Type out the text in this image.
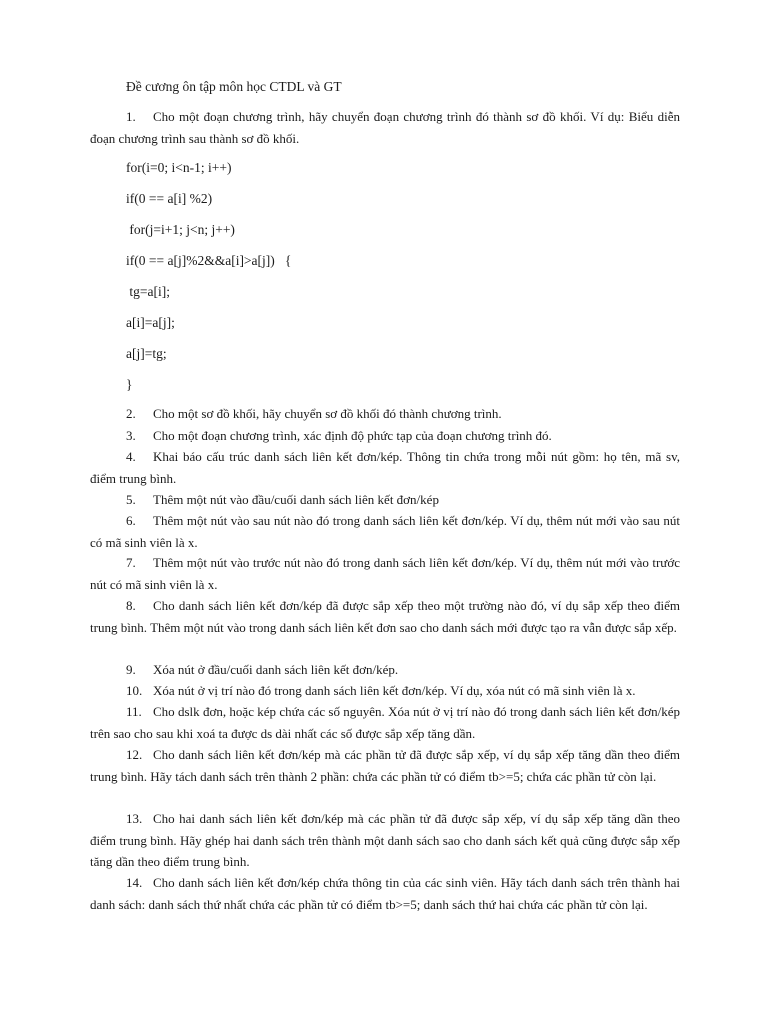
Đề cương ôn tập môn học CTDL và GT
1. Cho một đoạn chương trình, hãy chuyển đoạn chương trình đó thành sơ đồ khối. Ví dụ: Biểu diễn đoạn chương trình sau thành sơ đồ khối.
for(i=0; i<n-1; i++)
if(0 == a[i] %2)
for(j=i+1; j<n; j++)
if(0 == a[j]%2&&a[i]>a[j])   {
tg=a[i];
a[i]=a[j];
a[j]=tg;
}
2. Cho một sơ đồ khối, hãy chuyển sơ đồ khối đó thành chương trình.
3. Cho một đoạn chương trình, xác định độ phức tạp của đoạn chương trình đó.
4. Khai báo cấu trúc danh sách liên kết đơn/kép. Thông tin chứa trong mỗi nút gồm: họ tên, mã sv, điểm trung bình.
5. Thêm một nút vào đầu/cuối danh sách liên kết đơn/kép
6. Thêm một nút vào sau nút nào đó trong danh sách liên kết đơn/kép. Ví dụ, thêm nút mới vào sau nút có mã sinh viên là x.
7. Thêm một nút vào trước nút nào đó trong danh sách liên kết đơn/kép. Ví dụ, thêm nút mới vào trước nút có mã sinh viên là x.
8. Cho danh sách liên kết đơn/kép đã được sắp xếp theo một trường nào đó, ví dụ sắp xếp theo điểm trung bình. Thêm một nút vào trong danh sách liên kết đơn sao cho danh sách mới được tạo ra vẫn được sắp xếp.
9. Xóa nút ở đầu/cuối danh sách liên kết đơn/kép.
10. Xóa nút ở vị trí nào đó trong danh sách liên kết đơn/kép. Ví dụ, xóa nút có mã sinh viên là x.
11. Cho dslk đơn, hoặc kép chứa các số nguyên. Xóa nút ở vị trí nào đó trong danh sách liên kết đơn/kép trên sao cho sau khi xoá ta được ds dài nhất các số được sắp xếp tăng dần.
12. Cho danh sách liên kết đơn/kép mà các phần tử đã được sắp xếp, ví dụ sắp xếp tăng dần theo điểm trung bình. Hãy tách danh sách trên thành 2 phần: chứa các phần tử có điểm tb>=5; chứa các phần tử còn lại.
13. Cho hai danh sách liên kết đơn/kép mà các phần tử đã được sắp xếp, ví dụ sắp xếp tăng dần theo điểm trung bình. Hãy ghép hai danh sách trên thành một danh sách sao cho danh sách kết quả cũng được sắp xếp tăng dần theo điểm trung bình.
14. Cho danh sách liên kết đơn/kép chứa thông tin của các sinh viên. Hãy tách danh sách trên thành hai danh sách: danh sách thứ nhất chứa các phần tử có điểm tb>=5; danh sách thứ hai chứa các phần tử còn lại.
